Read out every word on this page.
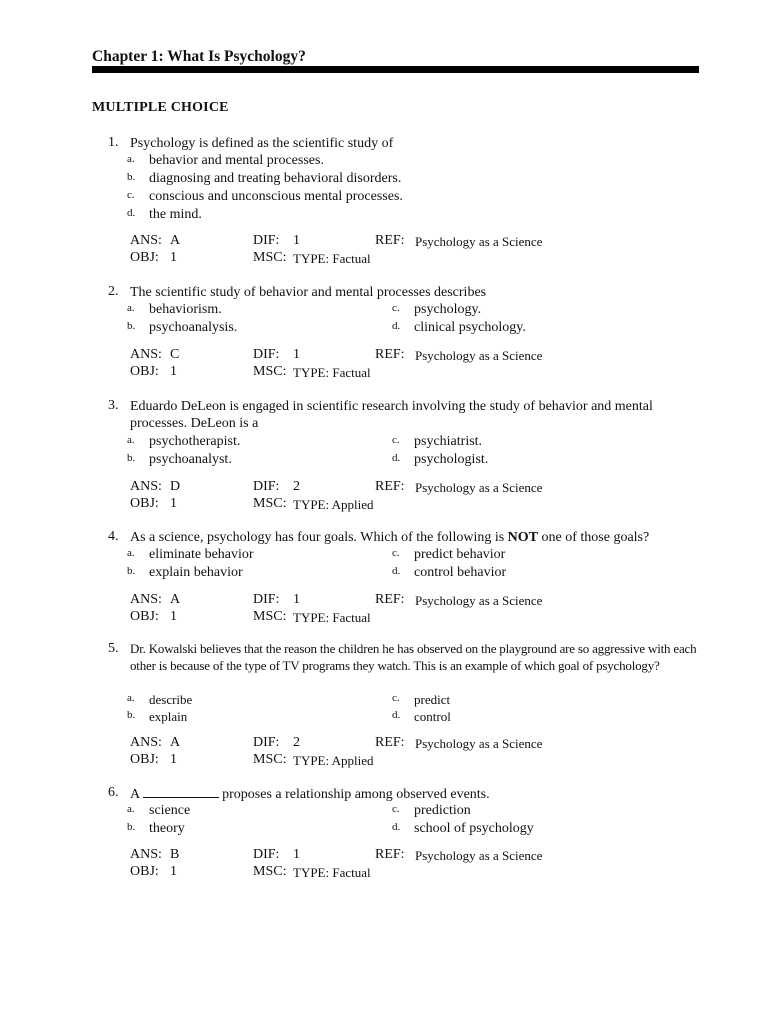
Chapter 1: What Is Psychology?
MULTIPLE CHOICE
1. Psychology is defined as the scientific study of
a. behavior and mental processes.
b. diagnosing and treating behavioral disorders.
c. conscious and unconscious mental processes.
d. the mind.
ANS: A	DIF: 1	REF: Psychology as a Science
OBJ: 1	MSC: TYPE: Factual
2. The scientific study of behavior and mental processes describes
a. behaviorism.
b. psychoanalysis.
c. psychology.
d. clinical psychology.
ANS: C	DIF: 1	REF: Psychology as a Science
OBJ: 1	MSC: TYPE: Factual
3. Eduardo DeLeon is engaged in scientific research involving the study of behavior and mental processes. DeLeon is a
a. psychotherapist.
b. psychoanalyst.
c. psychiatrist.
d. psychologist.
ANS: D	DIF: 2	REF: Psychology as a Science
OBJ: 1	MSC: TYPE: Applied
4. As a science, psychology has four goals. Which of the following is NOT one of those goals?
a. eliminate behavior
b. explain behavior
c. predict behavior
d. control behavior
ANS: A	DIF: 1	REF: Psychology as a Science
OBJ: 1	MSC: TYPE: Factual
5. Dr. Kowalski believes that the reason the children he has observed on the playground are so aggressive with each other is because of the type of TV programs they watch. This is an example of which goal of psychology?
a. describe
b. explain
c. predict
d. control
ANS: A	DIF: 2	REF: Psychology as a Science
OBJ: 1	MSC: TYPE: Applied
6. A	proposes a relationship among observed events.
a. science
b. theory
c. prediction
d. school of psychology
ANS: B	DIF: 1	REF: Psychology as a Science
OBJ: 1	MSC: TYPE: Factual
